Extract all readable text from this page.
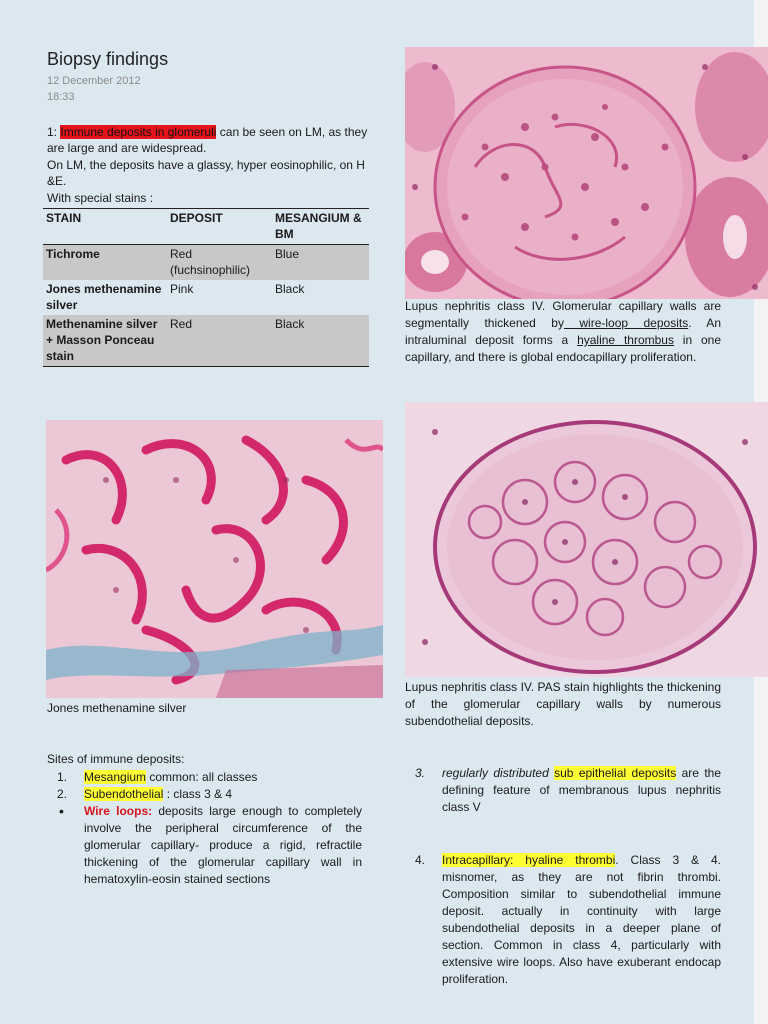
Biopsy findings
12 December 2012
18:33
1: Immune deposits in glomeruli can be seen on LM, as they are large and are widespread.
On LM, the deposits have a glassy, hyper eosinophilic, on H &E.
With special stains :
STAIN	DEPOSIT	MESANGIUM & BM
Tichrome	Red (fuchsinophilic)	Blue
Jones methenamine silver	Pink	Black
Methenamine silver + Masson Ponceau stain	Red	Black
Lupus nephritis class IV. Glomerular capillary walls are segmentally thickened by wire-loop deposits. An intraluminal deposit forms a hyaline thrombus in one capillary, and there is global endocapillary proliferation.
Jones methenamine silver
Lupus nephritis class IV. PAS stain highlights the thickening of the glomerular capillary walls by numerous subendothelial deposits.
Sites of immune deposits:
1. Mesangium common: all classes
2. Subendothelial : class 3 & 4
• Wire loops: deposits large enough to completely involve the peripheral circumference of the glomerular capillary- produce a rigid, refractile thickening of the glomerular capillary wall in hematoxylin-eosin stained sections
3. regularly distributed sub epithelial deposits are the defining feature of membranous lupus nephritis class V
4. Intracapillary: hyaline thrombi. Class 3 & 4. misnomer, as they are not fibrin thrombi. Composition similar to subendothelial immune deposit. actually in continuity with large subendothelial deposits in a deeper plane of section. Common in class 4, particularly with extensive wire loops. Also have exuberant endocap proliferation.
